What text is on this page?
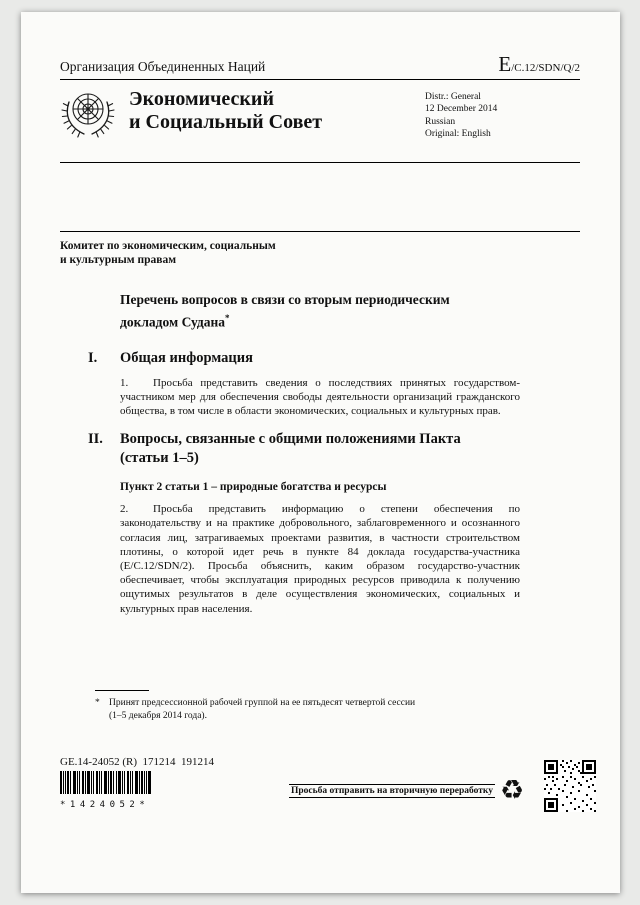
Организация Объединенных Наций	E/C.12/SDN/Q/2
Экономический
и Социальный Совет
Distr.: General
12 December 2014
Russian
Original: English
Комитет по экономическим, социальным
и культурным правам
Перечень вопросов в связи со вторым периодическим докладом Судана*
I.	Общая информация

1. Просьба представить сведения о последствиях принятых государством-участником мер для обеспечения свободы деятельности организаций гражданского общества, в том числе в области экономических, социальных и культурных прав.

II.	Вопросы, связанные с общими положениями Пакта (статьи 1–5)
Пункт 2 статьи 1 – природные богатства и ресурсы

2. Просьба представить информацию о степени обеспечения по законодательству и на практике добровольного, заблаговременного и осознанного согласия лиц, затрагиваемых проектами развития, в частности строительством плотины, о которой идет речь в пункте 84 доклада государства-участника (E/C.12/SDN/2). Просьба объяснить, каким образом государство-участник обеспечивает, чтобы эксплуатация природных ресурсов приводила к получению ощутимых результатов в деле осуществления экономических, социальных и культурных прав населения.

* Принят предсессионной рабочей группой на ее пятьдесят четвертой сессии (1–5 декабря 2014 года).
GE.14-24052 (R)  171214  191214
*1424052*
Просьба отправить на вторичную переработку ♻
